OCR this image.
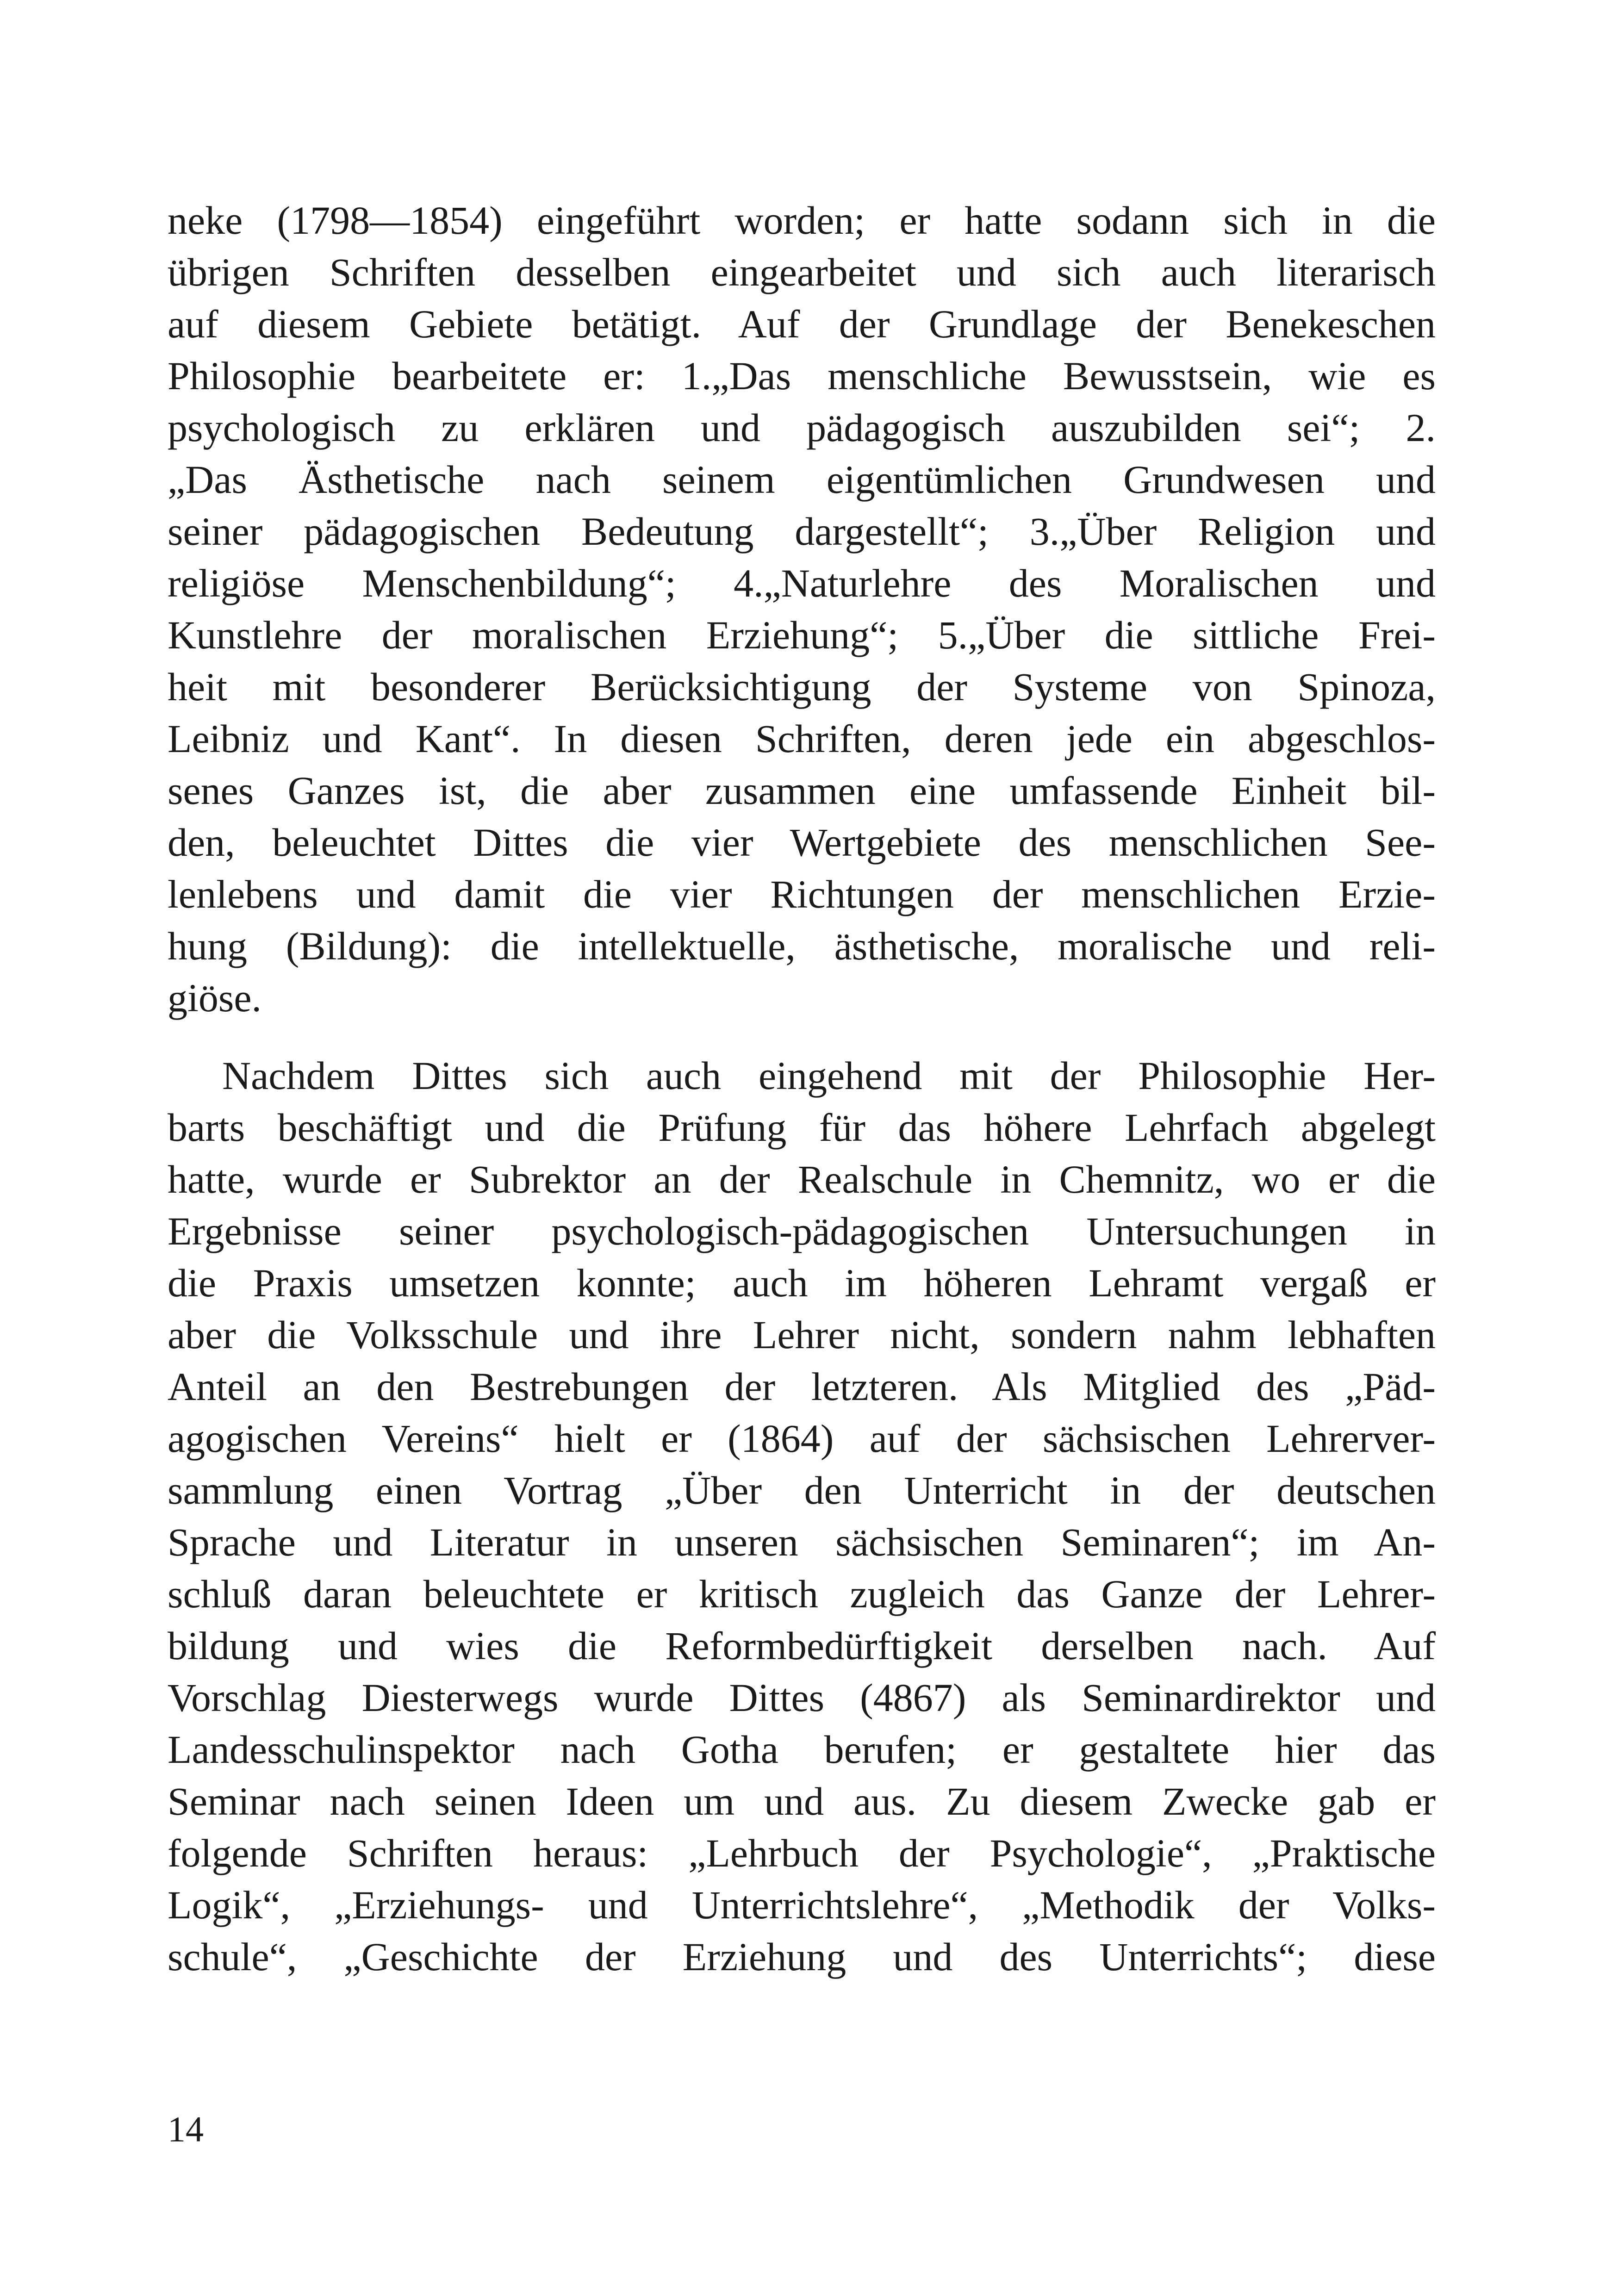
neke (1798—1854) eingeführt worden; er hatte sodann sich in die
übrigen Schriften desselben eingearbeitet und sich auch literarisch
auf diesem Gebiete betätigt. Auf der Grundlage der Benekeschen
Philosophie bearbeitete er: 1.„Das menschliche Bewusstsein, wie es
psychologisch zu erklären und pädagogisch auszubilden sei“; 2.
„Das Ästhetische nach seinem eigentümlichen Grundwesen und
seiner pädagogischen Bedeutung dargestellt“; 3.„Über Religion und
religiöse Menschenbildung“; 4.„Naturlehre des Moralischen und
Kunstlehre der moralischen Erziehung“; 5.„Über die sittliche Frei-
heit mit besonderer Berücksichtigung der Systeme von Spinoza,
Leibniz und Kant“. In diesen Schriften, deren jede ein abgeschlos-
senes Ganzes ist, die aber zusammen eine umfassende Einheit bil-
den, beleuchtet Dittes die vier Wertgebiete des menschlichen See-
lenlebens und damit die vier Richtungen der menschlichen Erzie-
hung (Bildung): die intellektuelle, ästhetische, moralische und reli-
giöse.
Nachdem Dittes sich auch eingehend mit der Philosophie Her-
barts beschäftigt und die Prüfung für das höhere Lehrfach abgelegt
hatte, wurde er Subrektor an der Realschule in Chemnitz, wo er die
Ergebnisse seiner psychologisch-pädagogischen Untersuchungen in
die Praxis umsetzen konnte; auch im höheren Lehramt vergaß er
aber die Volksschule und ihre Lehrer nicht, sondern nahm lebhaften
Anteil an den Bestrebungen der letzteren. Als Mitglied des „Päd-
agogischen Vereins“ hielt er (1864) auf der sächsischen Lehrerver-
sammlung einen Vortrag „Über den Unterricht in der deutschen
Sprache und Literatur in unseren sächsischen Seminaren“; im An-
schluß daran beleuchtete er kritisch zugleich das Ganze der Lehrer-
bildung und wies die Reformbedürftigkeit derselben nach. Auf
Vorschlag Diesterwegs wurde Dittes (4867) als Seminardirektor und
Landesschulinspektor nach Gotha berufen; er gestaltete hier das
Seminar nach seinen Ideen um und aus. Zu diesem Zwecke gab er
folgende Schriften heraus: „Lehrbuch der Psychologie“, „Praktische
Logik“, „Erziehungs- und Unterrichtslehre“, „Methodik der Volks-
schule“, „Geschichte der Erziehung und des Unterrichts“; diese
14
